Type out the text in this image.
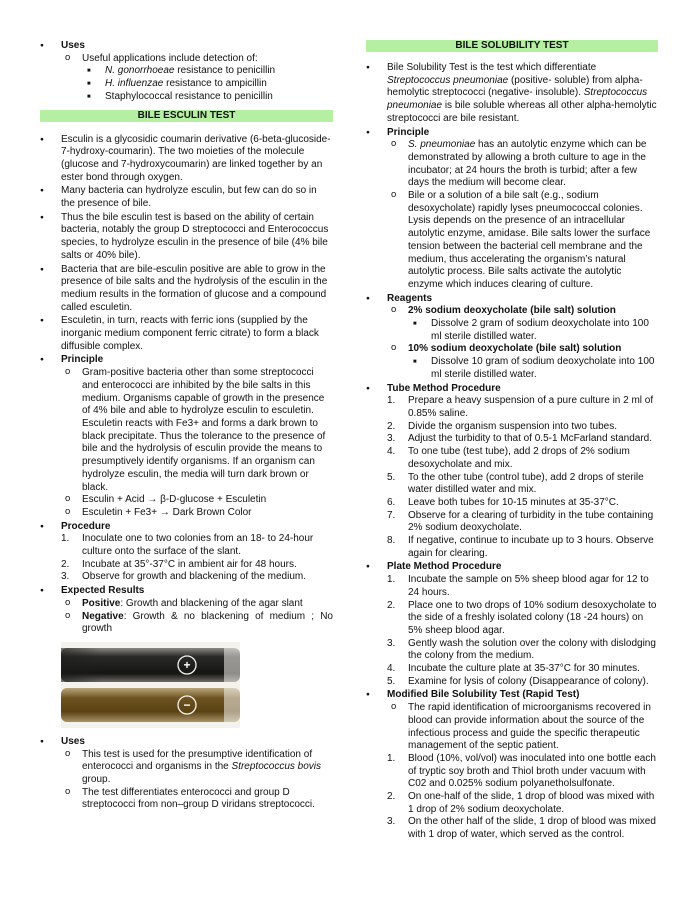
● Uses
o Useful applications include detection of:
■ N. gonorrhoeae resistance to penicillin
■ H. influenzae resistance to ampicillin
■ Staphylococcal resistance to penicillin
BILE ESCULIN TEST
● Esculin is a glycosidic coumarin derivative (6-beta-glucoside-7-hydroxy-coumarin). The two moieties of the molecule (glucose and 7-hydroxycoumarin) are linked together by an ester bond through oxygen.
● Many bacteria can hydrolyze esculin, but few can do so in the presence of bile.
● Thus the bile esculin test is based on the ability of certain bacteria, notably the group D streptococci and Enterococcus species, to hydrolyze esculin in the presence of bile (4% bile salts or 40% bile).
● Bacteria that are bile-esculin positive are able to grow in the presence of bile salts and the hydrolysis of the esculin in the medium results in the formation of glucose and a compound called esculetin.
● Esculetin, in turn, reacts with ferric ions (supplied by the inorganic medium component ferric citrate) to form a black diffusible complex.
● Principle
o Gram-positive bacteria other than some streptococci and enterococci are inhibited by the bile salts in this medium. Organisms capable of growth in the presence of 4% bile and able to hydrolyze esculin to esculetin. Esculetin reacts with Fe3+ and forms a dark brown to black precipitate. Thus the tolerance to the presence of bile and the hydrolysis of esculin provide the means to presumptively identify organisms. If an organism can hydrolyze esculin, the media will turn dark brown or black.
o Esculin + Acid → β-D-glucose + Esculetin
o Esculetin + Fe3+ → Dark Brown Color
● Procedure
1. Inoculate one to two colonies from an 18- to 24-hour culture onto the surface of the slant.
2. Incubate at 35°-37°C in ambient air for 48 hours.
3. Observe for growth and blackening of the medium.
● Expected Results
o Positive: Growth and blackening of the agar slant
o Negative: Growth & no blackening of medium ; No growth
+
−
● Uses
o This test is used for the presumptive identification of enterococci and organisms in the Streptococcus bovis group.
o The test differentiates enterococci and group D streptococci from non–group D viridans streptococci.
BILE SOLUBILITY TEST
● Bile Solubility Test is the test which differentiate Streptococcus pneumoniae (positive- soluble) from alpha-hemolytic streptococci (negative- insoluble). Streptococcus pneumoniae is bile soluble whereas all other alpha-hemolytic streptococci are bile resistant.
● Principle
o S. pneumoniae has an autolytic enzyme which can be demonstrated by allowing a broth culture to age in the incubator; at 24 hours the broth is turbid; after a few days the medium will become clear.
o Bile or a solution of a bile salt (e.g., sodium desoxycholate) rapidly lyses pneumococcal colonies. Lysis depends on the presence of an intracellular autolytic enzyme, amidase. Bile salts lower the surface tension between the bacterial cell membrane and the medium, thus accelerating the organism’s natural autolytic process. Bile salts activate the autolytic enzyme which induces clearing of culture.
● Reagents
o 2% sodium deoxycholate (bile salt) solution
■ Dissolve 2 gram of sodium deoxycholate into 100 ml sterile distilled water.
o 10% sodium deoxycholate (bile salt) solution
■ Dissolve 10 gram of sodium deoxycholate into 100 ml sterile distilled water.
● Tube Method Procedure
1. Prepare a heavy suspension of a pure culture in 2 ml of 0.85% saline.
2. Divide the organism suspension into two tubes.
3. Adjust the turbidity to that of 0.5-1 McFarland standard.
4. To one tube (test tube), add 2 drops of 2% sodium desoxycholate and mix.
5. To the other tube (control tube), add 2 drops of sterile water distilled water and mix.
6. Leave both tubes for 10-15 minutes at 35-37°C.
7. Observe for a clearing of turbidity in the tube containing 2% sodium deoxycholate.
8. If negative, continue to incubate up to 3 hours. Observe again for clearing.
● Plate Method Procedure
1. Incubate the sample on 5% sheep blood agar for 12 to 24 hours.
2. Place one to two drops of 10% sodium desoxycholate to the side of a freshly isolated colony (18 -24 hours) on 5% sheep blood agar.
3. Gently wash the solution over the colony with dislodging the colony from the medium.
4. Incubate the culture plate at 35-37°C for 30 minutes.
5. Examine for lysis of colony (Disappearance of colony).
● Modified Bile Solubility Test (Rapid Test)
o The rapid identification of microorganisms recovered in blood can provide information about the source of the infectious process and guide the specific therapeutic management of the septic patient.
1. Blood (10%, vol/vol) was inoculated into one bottle each of tryptic soy broth and Thiol broth under vacuum with C02 and 0.025% sodium polyanetholsulfonate.
2. On one-half of the slide, 1 drop of blood was mixed with 1 drop of 2% sodium deoxycholate.
3. On the other half of the slide, 1 drop of blood was mixed with 1 drop of water, which served as the control.
